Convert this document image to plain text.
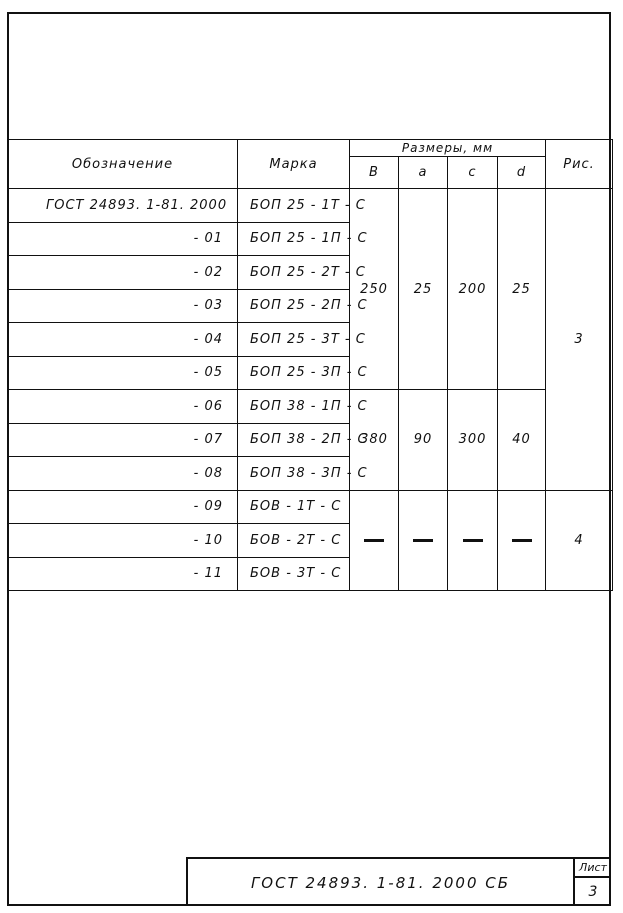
Обозначение	Марка	Размеры, мм				Рис.
		B	a	c	d	
ГОСТ 24893. 1-81. 2000	БОП 25 - 1Т - С	250	25	200	25	3
- 01	БОП 25 - 1П - С					
- 02	БОП 25 - 2Т - С					
- 03	БОП 25 - 2П - С					
- 04	БОП 25 - 3Т - С					
- 05	БОП 25 - 3П - С					
- 06	БОП 38 - 1П - С	380	90	300	40	
- 07	БОП 38 - 2П - С					
- 08	БОП 38 - 3П - С					
- 09	БОВ - 1Т - С					4
- 10	БОВ - 2Т - С					
- 11	БОВ - 3Т - С					
ГОСТ 24893. 1-81. 2000 СБ
Лист
3
